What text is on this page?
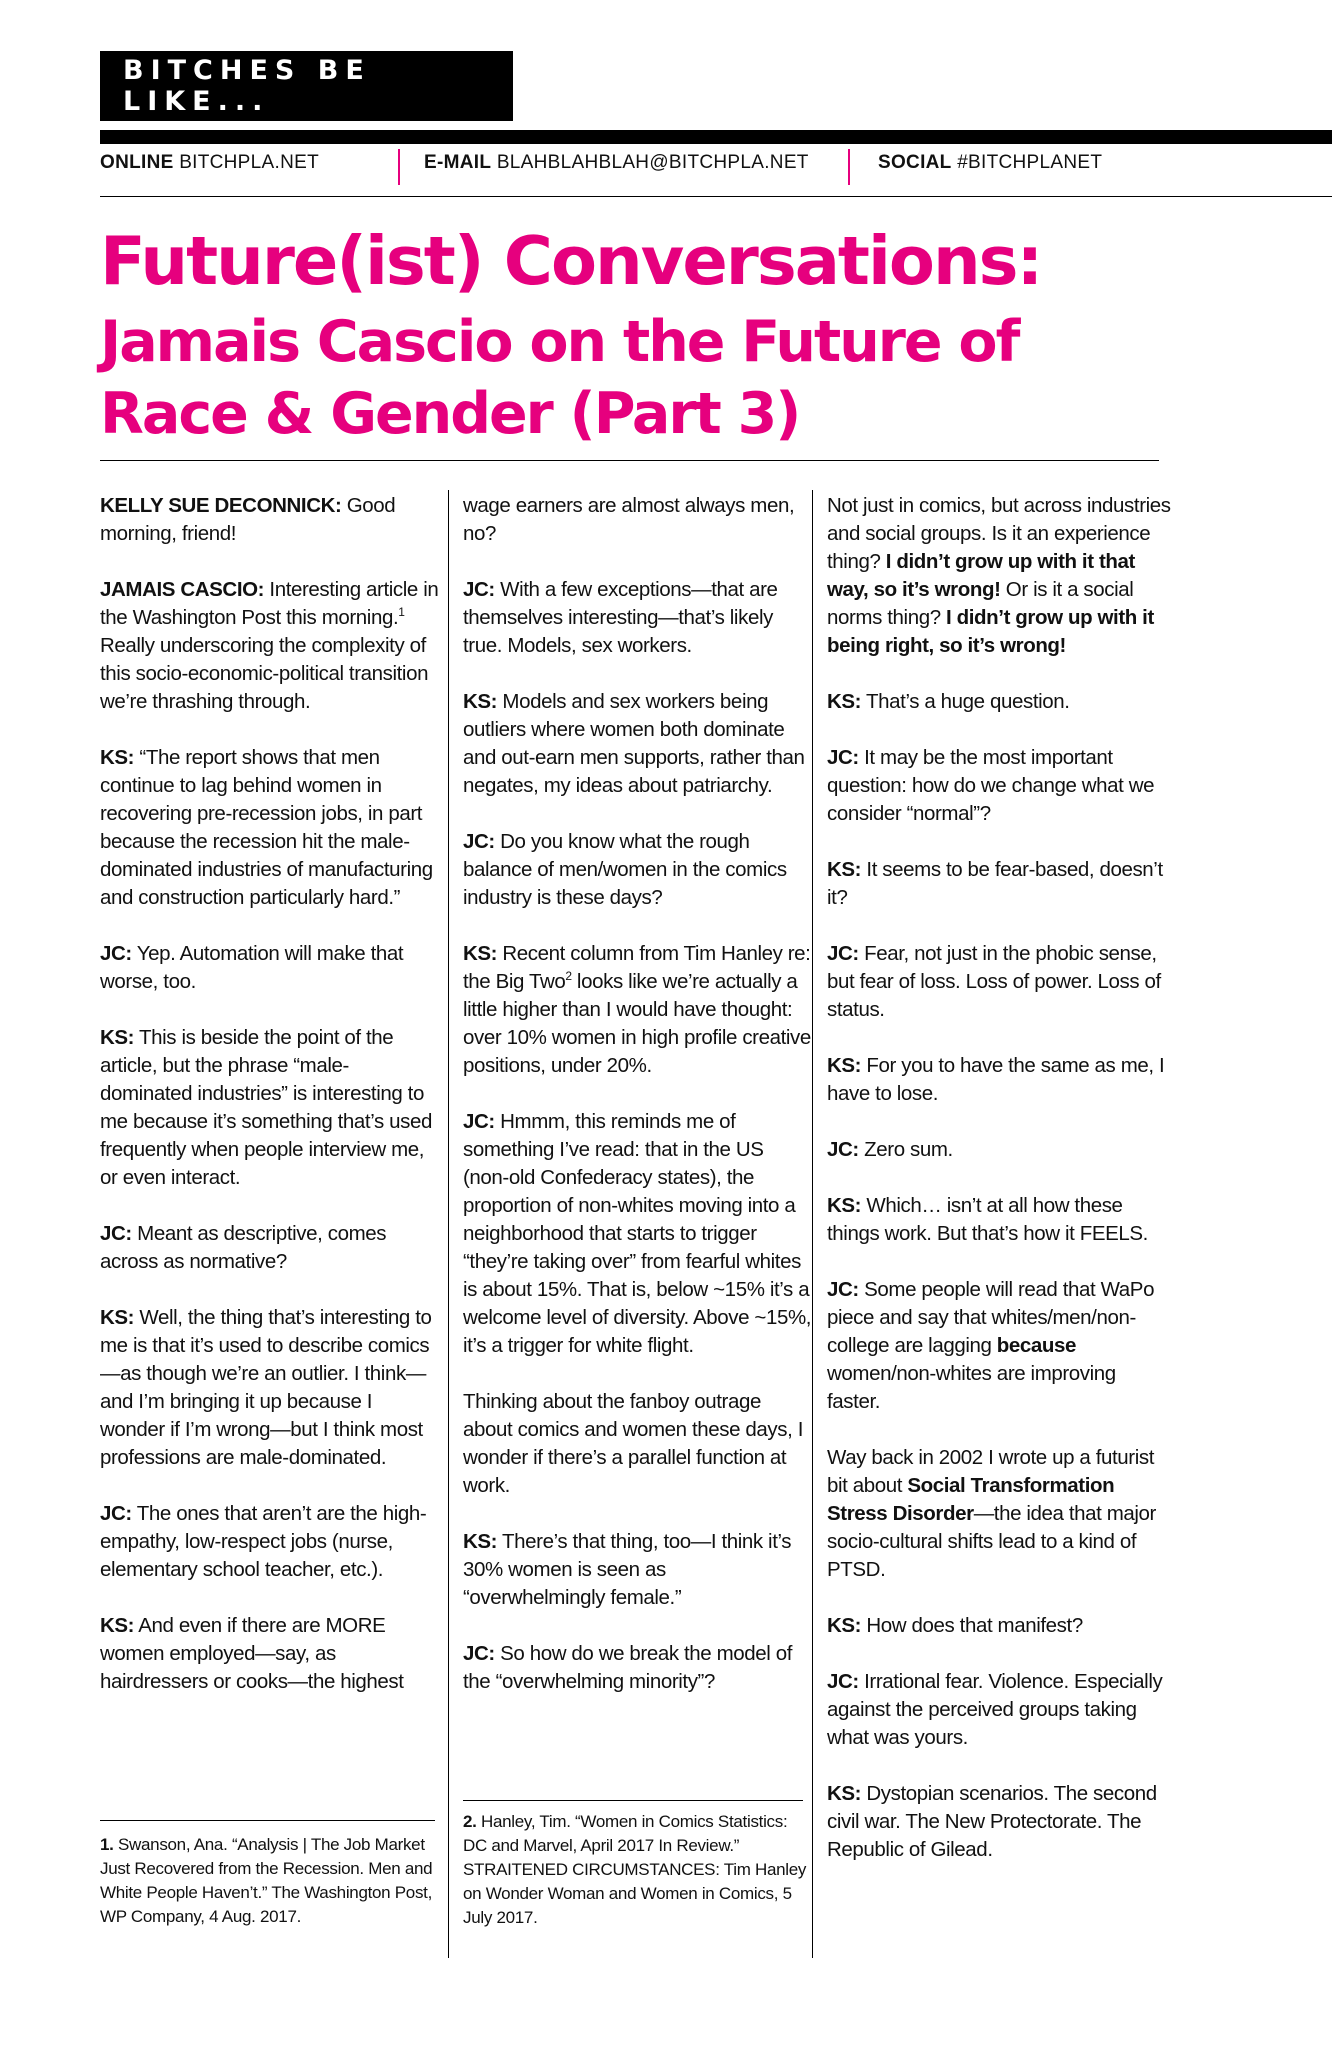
BITCHES BE LIKE...
ONLINE BITCHPLA.NET	E-MAIL BLAHBLAHBLAH@BITCHPLA.NET	SOCIAL #BITCHPLANET
Future(ist) Conversations:
Jamais Cascio on the Future of
Race & Gender (Part 3)

KELLY SUE DECONNICK: Good morning, friend!

JAMAIS CASCIO: Interesting article in the Washington Post this morning.$^1$ Really underscoring the complexity of this socio-economic-political transition we’re thrashing through.

KS: “The report shows that men continue to lag behind women in recovering pre-recession jobs, in part because the recession hit the male-dominated industries of manufacturing and construction particularly hard.”

JC: Yep. Automation will make that worse, too.

KS: This is beside the point of the article, but the phrase “male-dominated industries” is interesting to me because it’s something that’s used frequently when people interview me, or even interact.

JC: Meant as descriptive, comes across as normative?

KS: Well, the thing that’s interesting to me is that it’s used to describe comics—as though we’re an outlier. I think—and I’m bringing it up because I wonder if I’m wrong—but I think most professions are male-dominated.

JC: The ones that aren’t are the high-empathy, low-respect jobs (nurse, elementary school teacher, etc.).

KS: And even if there are MORE women employed—say, as hairdressers or cooks—the highest

wage earners are almost always men, no?

JC: With a few exceptions—that are themselves interesting—that’s likely true. Models, sex workers.

KS: Models and sex workers being outliers where women both dominate and out-earn men supports, rather than negates, my ideas about patriarchy.

JC: Do you know what the rough balance of men/women in the comics industry is these days?

KS: Recent column from Tim Hanley re: the Big Two$^2$ looks like we’re actually a little higher than I would have thought: over 10% women in high profile creative positions, under 20%.

JC: Hmmm, this reminds me of something I’ve read: that in the US (non-old Confederacy states), the proportion of non-whites moving into a neighborhood that starts to trigger “they’re taking over” from fearful whites is about 15%. That is, below ~15% it’s a welcome level of diversity. Above ~15%, it’s a trigger for white flight.

Thinking about the fanboy outrage about comics and women these days, I wonder if there’s a parallel function at work.

KS: There’s that thing, too—I think it’s 30% women is seen as “overwhelmingly female.”

JC: So how do we break the model of the “overwhelming minority”?

Not just in comics, but across industries and social groups. Is it an experience thing? I didn’t grow up with it that way, so it’s wrong! Or is it a social norms thing? I didn’t grow up with it being right, so it’s wrong!

KS: That’s a huge question.

JC: It may be the most important question: how do we change what we consider “normal”?

KS: It seems to be fear-based, doesn’t it?

JC: Fear, not just in the phobic sense, but fear of loss. Loss of power. Loss of status.

KS: For you to have the same as me, I have to lose.

JC: Zero sum.

KS: Which… isn’t at all how these things work. But that’s how it FEELS.

JC: Some people will read that WaPo piece and say that whites/men/non-college are lagging because women/non-whites are improving faster.

Way back in 2002 I wrote up a futurist bit about Social Transformation Stress Disorder—the idea that major socio-cultural shifts lead to a kind of PTSD.

KS: How does that manifest?

JC: Irrational fear. Violence. Especially against the perceived groups taking what was yours.

KS: Dystopian scenarios. The second civil war. The New Protectorate. The Republic of Gilead.

1. Swanson, Ana. “Analysis | The Job Market Just Recovered from the Recession. Men and White People Haven’t.” The Washington Post, WP Company, 4 Aug. 2017.
2. Hanley, Tim. “Women in Comics Statistics: DC and Marvel, April 2017 In Review.” STRAITENED CIRCUMSTANCES: Tim Hanley on Wonder Woman and Women in Comics, 5 July 2017.
